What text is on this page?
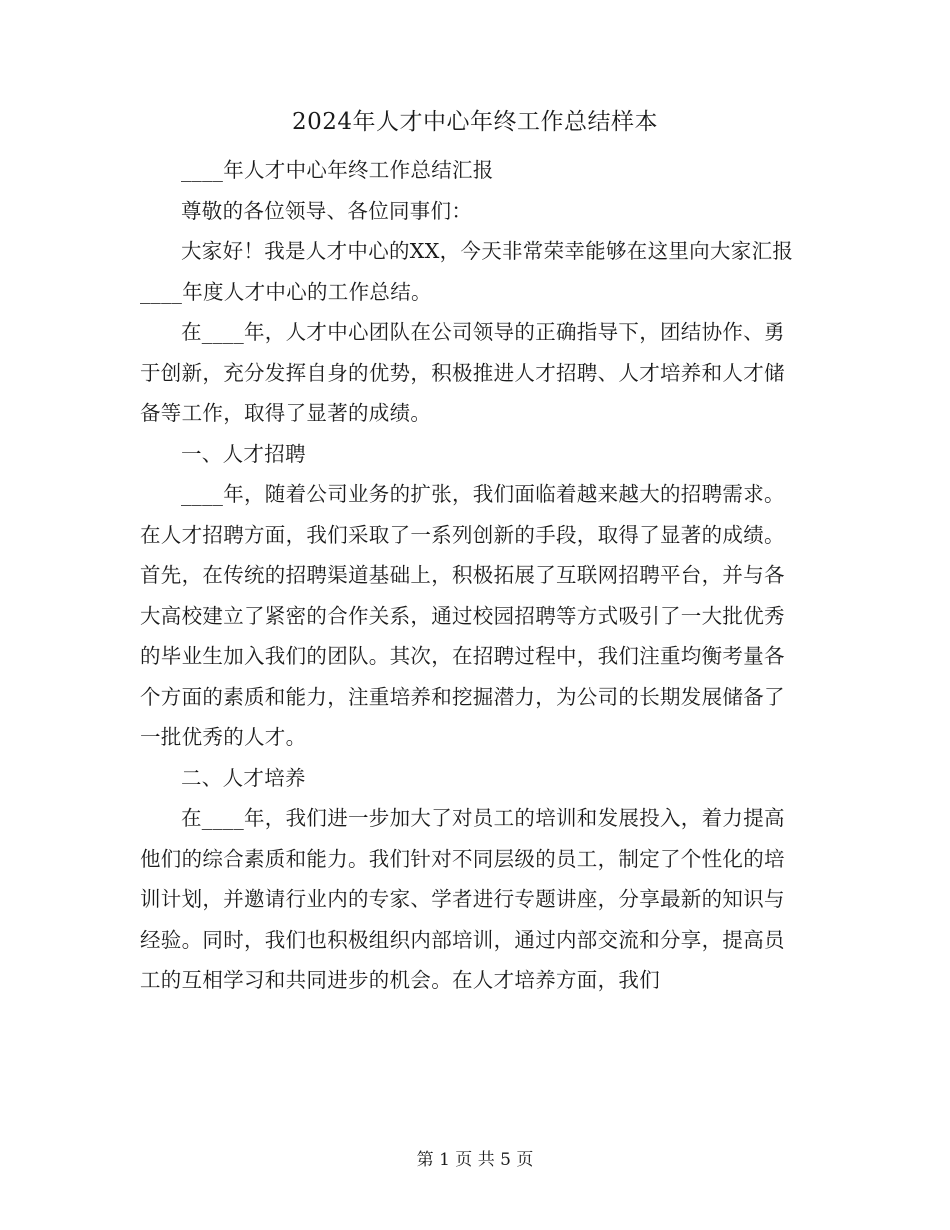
2024年人才中心年终工作总结样本

____年人才中心年终工作总结汇报

尊敬的各位领导、各位同事们：

大家好！我是人才中心的XX，今天非常荣幸能够在这里向大家汇报____年度人才中心的工作总结。

在____年，人才中心团队在公司领导的正确指导下，团结协作、勇于创新，充分发挥自身的优势，积极推进人才招聘、人才培养和人才储备等工作，取得了显著的成绩。

一、人才招聘

____年，随着公司业务的扩张，我们面临着越来越大的招聘需求。在人才招聘方面，我们采取了一系列创新的手段，取得了显著的成绩。首先，在传统的招聘渠道基础上，积极拓展了互联网招聘平台，并与各大高校建立了紧密的合作关系，通过校园招聘等方式吸引了一大批优秀的毕业生加入我们的团队。其次，在招聘过程中，我们注重均衡考量各个方面的素质和能力，注重培养和挖掘潜力，为公司的长期发展储备了一批优秀的人才。

二、人才培养

在____年，我们进一步加大了对员工的培训和发展投入，着力提高他们的综合素质和能力。我们针对不同层级的员工，制定了个性化的培训计划，并邀请行业内的专家、学者进行专题讲座，分享最新的知识与经验。同时，我们也积极组织内部培训，通过内部交流和分享，提高员工的互相学习和共同进步的机会。在人才培养方面，我们

第 1 页 共 5 页
